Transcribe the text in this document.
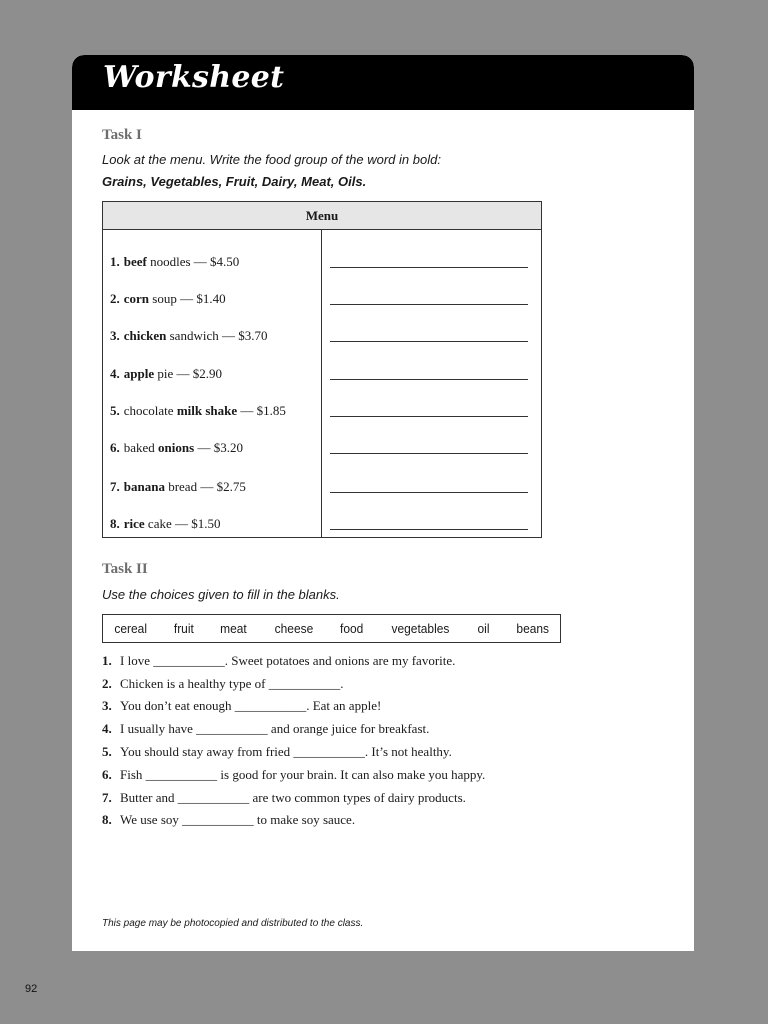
Worksheet
Task I
Look at the menu. Write the food group of the word in bold:
Grains, Vegetables, Fruit, Dairy, Meat, Oils.
Menu
1. beef noodles — $4.50
2. corn soup — $1.40
3. chicken sandwich — $3.70
4. apple pie — $2.90
5. chocolate milk shake — $1.85
6. baked onions — $3.20
7. banana bread — $2.75
8. rice cake — $1.50
Task II
Use the choices given to fill in the blanks.
cereal fruit meat cheese food vegetables oil beans
1. I love ___________. Sweet potatoes and onions are my favorite.
2. Chicken is a healthy type of ___________.
3. You don’t eat enough ___________. Eat an apple!
4. I usually have ___________ and orange juice for breakfast.
5. You should stay away from fried ___________. It’s not healthy.
6. Fish ___________ is good for your brain. It can also make you happy.
7. Butter and ___________ are two common types of dairy products.
8. We use soy ___________ to make soy sauce.
This page may be photocopied and distributed to the class.
92
